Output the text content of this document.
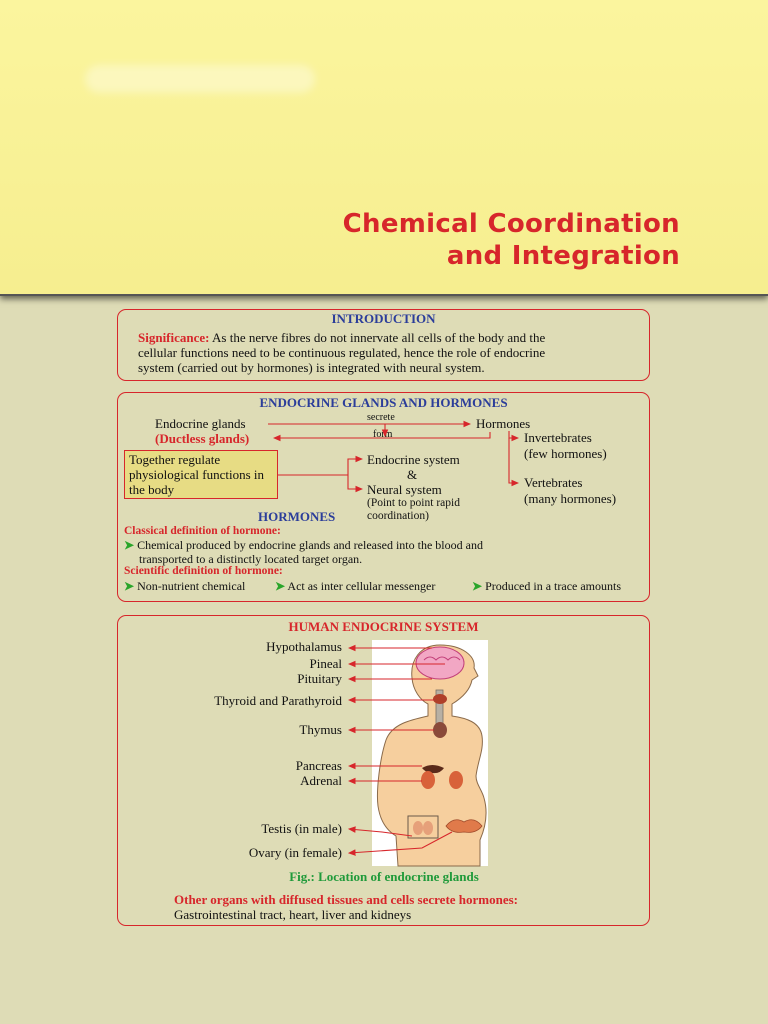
Chemical Coordination
and Integration
INTRODUCTION
Significance: As the nerve fibres do not innervate all cells of the body and the
cellular functions need to be continuous regulated, hence the role of endocrine
system (carried out by hormones) is integrated with neural system.
ENDOCRINE GLANDS AND HORMONES
Endocrine glands
(Ductless glands)
secrete
form
Hormones
Invertebrates
(few hormones)
Vertebrates
(many hormones)
Together regulate physiological functions in the body
Endocrine system
&
Neural system
(Point to point rapid
coordination)
HORMONES
Classical definition of hormone:
➤ Chemical produced by endocrine glands and released into the blood and
transported to a distinctly located target organ.
Scientific definition of hormone:
➤ Non-nutrient chemical ➤ Act as inter cellular messenger	➤ Produced in a trace amounts
HUMAN ENDOCRINE SYSTEM
Hypothalamus
Pineal
Pituitary
Thyroid and Parathyroid
Thymus
Pancreas
Adrenal
Testis (in male)
Ovary (in female)
Fig.: Location of endocrine glands
Other organs with diffused tissues and cells secrete hormones:
Gastrointestinal tract, heart, liver and kidneys
